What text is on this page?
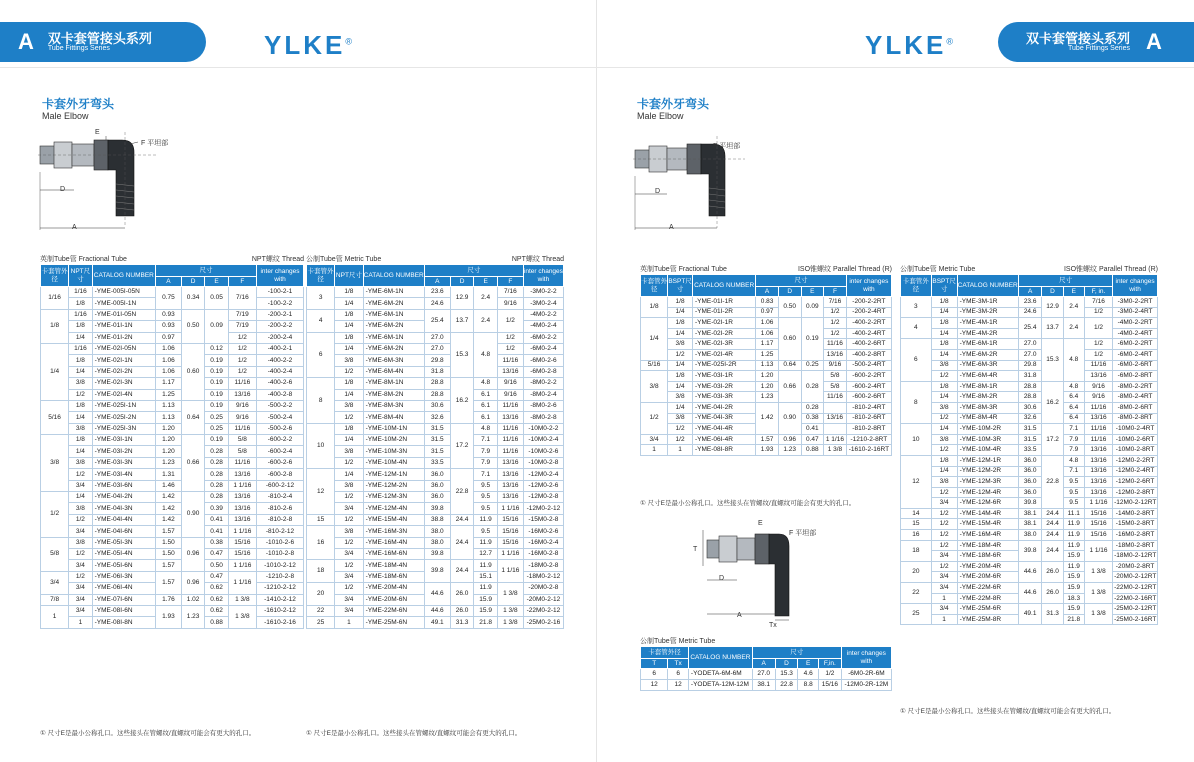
A 双卡套管接头系列
Tube Fittings Series	YLKE®
卡套外牙弯头
Male Elbow
E
F 平坦部
D
A
英制Tube管 Fractional Tube	NPT螺纹 Thread
卡套管外径	NPT尺寸	CATALOG NUMBER	尺寸				inter changes with
			A	D	E	F	
1/16	1/16	-YME-005I-05N	0.75	0.34	0.05	7/16	-100-2-1
	1/8	-YME-005I-1N					-100-2-2
1/8	1/16	-YME-01I-05N	0.93	0.50	0.09	7/19	-200-2-1
	1/8	-YME-01I-1N	0.93			7/19	-200-2-2
	1/4	-YME-01I-2N	0.97			1/2	-200-2-4
1/4	1/16	-YME-02I-05N	1.06	0.60	0.12	1/2	-400-2-1
	1/8	-YME-02I-1N	1.06		0.19	1/2	-400-2-2
	1/4	-YME-02I-2N	1.06		0.19	1/2	-400-2-4
	3/8	-YME-02I-3N	1.17		0.19	11/16	-400-2-6
	1/2	-YME-02I-4N	1.25		0.19	13/16	-400-2-8
5/16	1/8	-YME-025I-1N	1.13	0.64	0.19	9/16	-500-2-2
	1/4	-YME-025I-2N	1.13		0.25	9/16	-500-2-4
	3/8	-YME-025I-3N	1.20		0.25	11/16	-500-2-6
3/8	1/8	-YME-03I-1N	1.20	0.66	0.19	5/8	-600-2-2
	1/4	-YME-03I-2N	1.20		0.28	5/8	-600-2-4
	3/8	-YME-03I-3N	1.23		0.28	11/16	-600-2-6
	1/2	-YME-03I-4N	1.31		0.28	13/16	-600-2-8
	3/4	-YME-03I-6N	1.46		0.28	1 1/16	-600-2-12
1/2	1/4	-YME-04I-2N	1.42	0.90	0.28	13/16	-810-2-4
	3/8	-YME-04I-3N	1.42		0.39	13/16	-810-2-6
	1/2	-YME-04I-4N	1.42		0.41	13/16	-810-2-8
	3/4	-YME-04I-6N	1.57		0.41	1 1/16	-810-2-12
5/8	3/8	-YME-05I-3N	1.50	0.96	0.38	15/16	-1010-2-6
	1/2	-YME-05I-4N	1.50		0.47	15/16	-1010-2-8
	3/4	-YME-05I-6N	1.57		0.50	1 1/16	-1010-2-12
3/4	1/2	-YME-06I-3N	1.57	0.96	0.47	1 1/16	-1210-2-8
	3/4	-YME-06I-4N			0.62		-1210-2-12
7/8	3/4	-YME-07I-6N	1.76	1.02	0.62	1 3/8	-1410-2-12
1	3/4	-YME-08I-6N	1.93	1.23	0.62	1 3/8	-1610-2-12
	1	-YME-08I-8N			0.88		-1610-2-16
公制Tube管 Metric Tube	NPT螺纹 Thread
卡套管外径	NPT尺寸	CATALOG NUMBER	尺寸				inter changes with
			A	D	E	F	
3	1/8	-YME-6M-1N	23.6	12.9	2.4	7/16	-3M0-2-2
	1/4	-YME-6M-2N	24.6			9/16	-3M0-2-4
4	1/8	-YME-6M-1N	25.4	13.7	2.4	1/2	-4M0-2-2
	1/4	-YME-6M-2N					-4M0-2-4
6	1/8	-YME-6M-1N	27.0	15.3	4.8	1/2	-6M0-2-2
	1/4	-YME-6M-2N	27.0			1/2	-6M0-2-4
	3/8	-YME-6M-3N	29.8			11/16	-6M0-2-6
	1/2	-YME-6M-4N	31.8			13/16	-6M0-2-8
8	1/8	-YME-8M-1N	28.8	16.2	4.8	9/16	-8M0-2-2
	1/4	-YME-8M-2N	28.8		6.1	9/16	-8M0-2-4
	3/8	-YME-8M-3N	30.6		6.1	11/16	-8M0-2-6
	1/2	-YME-8M-4N	32.6		6.1	13/16	-8M0-2-8
10	1/8	-YME-10M-1N	31.5	17.2	4.8	11/16	-10M0-2-2
	1/4	-YME-10M-2N	31.5		7.1	11/16	-10M0-2-4
	3/8	-YME-10M-3N	31.5		7.9	11/16	-10M0-2-6
	1/2	-YME-10M-4N	33.5		7.9	13/16	-10M0-2-8
12	1/4	-YME-12M-1N	36.0	22.8	7.1	13/16	-12M0-2-4
	3/8	-YME-12M-2N	36.0		9.5	13/16	-12M0-2-6
	1/2	-YME-12M-3N	36.0		9.5	13/16	-12M0-2-8
	3/4	-YME-12M-4N	39.8		9.5	1 1/16	-12M0-2-12
15	1/2	-YME-15M-4N	38.8	24.4	11.9	15/16	-15M0-2-8
16	3/8	-YME-16M-3N	38.0	24.4	9.5	15/16	-16M0-2-6
	1/2	-YME-16M-4N	38.0		11.9	15/16	-16M0-2-4
	3/4	-YME-16M-6N	39.8		12.7	1 1/16	-16M0-2-8
18	1/2	-YME-18M-4N	39.8	24.4	11.9	1 1/16	-18M0-2-8
	3/4	-YME-18M-6N			15.1		-18M0-2-12
20	1/2	-YME-20M-4N	44.6	26.0	11.9	1 3/8	-20M0-2-8
	3/4	-YME-20M-6N			15.9		-20M0-2-12
22	3/4	-YME-22M-6N	44.6	26.0	15.9	1 3/8	-22M0-2-12
25	1	-YME-25M-6N	49.1	31.3	21.8	1 3/8	-25M0-2-16
① 尺寸E是最小公称孔口。这些接头在管螺纹/直螺纹可能会有更大的孔口。	① 尺寸E是最小公称孔口。这些接头在管螺纹/直螺纹可能会有更大的孔口。
YLKE®	双卡套管接头系列
Tube Fittings Series A
卡套外牙弯头
Male Elbow
F 平坦部
D
A
英制Tube管 Fractional Tube	ISO锥螺纹 Parallel Thread (R)
卡套管外径	BSPT尺寸	CATALOG NUMBER	尺寸				inter changes with
			A	D	E	F	
1/8	1/8	-YME-01I-1R	0.83	0.50	0.09	7/16	-200-2-2RT
	1/4	-YME-01I-2R	0.97			1/2	-200-2-4RT
1/4	1/8	-YME-02I-1R	1.06	0.60	0.19	1/2	-400-2-2RT
	1/4	-YME-02I-2R	1.06			1/2	-400-2-4RT
	3/8	-YME-02I-3R	1.17			11/16	-400-2-6RT
	1/2	-YME-02I-4R	1.25			13/16	-400-2-8RT
5/16	1/4	-YME-025I-2R	1.13	0.64	0.25	9/16	-500-2-4RT
3/8	1/8	-YME-03I-1R	1.20	0.66	0.28	5/8	-600-2-2RT
	1/4	-YME-03I-2R	1.20			5/8	-600-2-4RT
	3/8	-YME-03I-3R	1.23			11/16	-600-2-6RT
1/2	1/4	-YME-04I-2R	1.42	0.90	0.28		-810-2-4RT
	3/8	-YME-04I-3R			0.38	13/16	-810-2-6RT
	1/2	-YME-04I-4R			0.41		-810-2-8RT
3/4	1/2	-YME-06I-4R	1.57	0.96	0.47	1 1/16	-1210-2-8RT
1	1	-YME-08I-8R	1.93	1.23	0.88	1 3/8	-1610-2-16RT
① 尺寸E是最小公称孔口。这些接头在管螺纹/直螺纹可能会有更大的孔口。
E
F 平坦部
T
D
A
Tx
公制Tube管 Metric Tube
卡套管外径		CATALOG NUMBER	尺寸				inter changes with
T	Tx		A	D	E	F,in.	
6	6	-YODETA-6M-6M	27.0	15.3	4.6	1/2	-6M0-2R-6M
12	12	-YODETA-12M-12M	38.1	22.8	8.8	15/16	-12M0-2R-12M
公制Tube管 Metric Tube	ISO锥螺纹 Parallel Thread (R)
卡套管外径	BSPT尺寸	CATALOG NUMBER	尺寸				inter changes with
			A	D	E	F, in.	
3	1/8	-YME-3M-1R	23.6	12.9	2.4	7/16	-3M0-2-2RT
	1/4	-YME-3M-2R	24.6			1/2	-3M0-2-4RT
4	1/8	-YME-4M-1R	25.4	13.7	2.4	1/2	-4M0-2-2RT
	1/4	-YME-4M-2R					-4M0-2-4RT
6	1/8	-YME-6M-1R	27.0	15.3	4.8	1/2	-6M0-2-2RT
	1/4	-YME-6M-2R	27.0			1/2	-6M0-2-4RT
	3/8	-YME-6M-3R	29.8			11/16	-6M0-2-6RT
	1/2	-YME-6M-4R	31.8			13/16	-6M0-2-8RT
8	1/8	-YME-8M-1R	28.8	16.2	4.8	9/16	-8M0-2-2RT
	1/4	-YME-8M-2R	28.8		6.4	9/16	-8M0-2-4RT
	3/8	-YME-8M-3R	30.6		6.4	11/16	-8M0-2-6RT
	1/2	-YME-8M-4R	32.6		6.4	13/16	-8M0-2-8RT
10	1/4	-YME-10M-2R	31.5	17.2	7.1	11/16	-10M0-2-4RT
	3/8	-YME-10M-3R	31.5		7.9	11/16	-10M0-2-6RT
	1/2	-YME-10M-4R	33.5		7.9	13/16	-10M0-2-8RT
12	1/8	-YME-12M-1R	36.0	22.8	4.8	13/16	-12M0-2-2RT
	1/4	-YME-12M-2R	36.0		7.1	13/16	-12M0-2-4RT
	3/8	-YME-12M-3R	36.0		9.5	13/16	-12M0-2-6RT
	1/2	-YME-12M-4R	36.0		9.5	13/16	-12M0-2-8RT
	3/4	-YME-12M-6R	39.8		9.5	1 1/16	-12M0-2-12RT
14	1/2	-YME-14M-4R	38.1	24.4	11.1	15/16	-14M0-2-8RT
15	1/2	-YME-15M-4R	38.1	24.4	11.9	15/16	-15M0-2-8RT
16	1/2	-YME-16M-4R	38.0	24.4	11.9	15/16	-16M0-2-8RT
18	1/2	-YME-18M-4R	39.8	24.4	11.9	1 1/16	-18M0-2-8RT
	3/4	-YME-18M-6R			15.9		-18M0-2-12RT
20	1/2	-YME-20M-4R	44.6	26.0	11.9	1 3/8	-20M0-2-8RT
	3/4	-YME-20M-6R			15.9		-20M0-2-12RT
22	3/4	-YME-22M-6R	44.6	26.0	15.9	1 3/8	-22M0-2-12RT
	1	-YME-22M-8R			18.3		-22M0-2-16RT
25	3/4	-YME-25M-6R	49.1	31.3	15.9	1 3/8	-25M0-2-12RT
	1	-YME-25M-8R			21.8		-25M0-2-16RT
① 尺寸E是最小公称孔口。这些接头在管螺纹/直螺纹可能会有更大的孔口。
